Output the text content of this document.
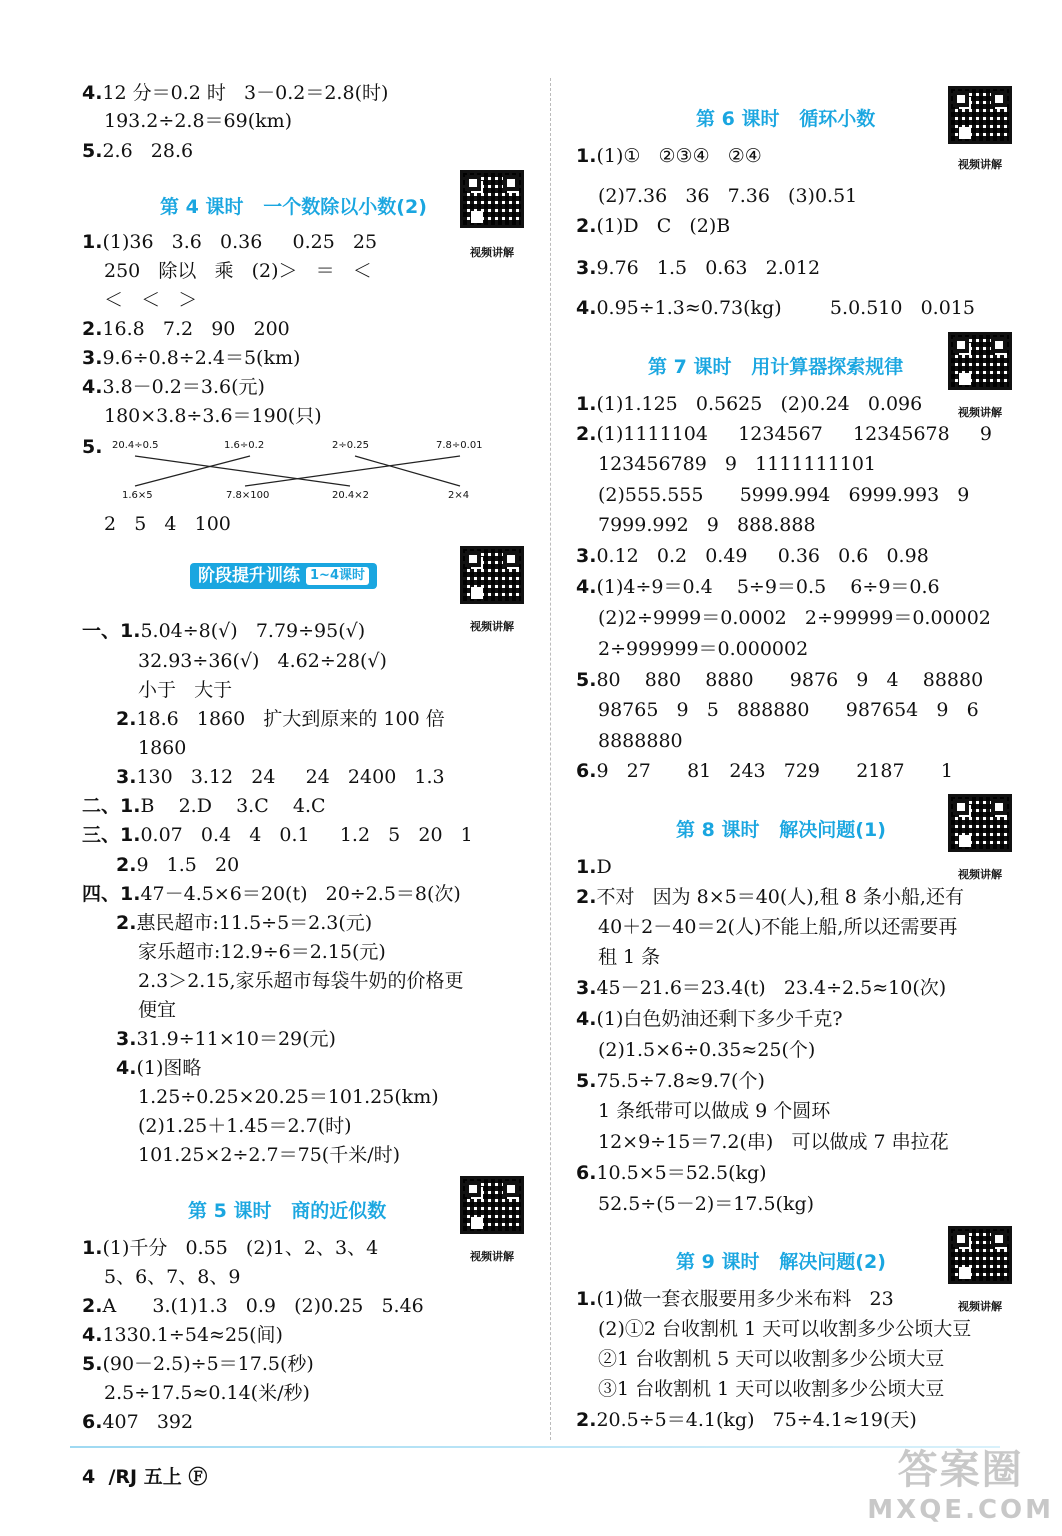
4.12 分＝0.2 时   3－0.2＝2.8(时)
193.2÷2.8＝69(km)
5.2.6   28.6
第 4 课时   一个数除以小数(2)
视频讲解
1.(1)36   3.6   0.36     0.25   25
250   除以   乘   (2)＞   ＝   ＜
＜   ＜   ＞
2.16.8   7.2   90   200
3.9.6÷0.8÷2.4＝5(km)
4.3.8－0.2＝3.6(元)
180×3.8÷3.6＝190(只)
5. 20.4÷0.5	1.6÷0.2	2÷0.25	7.8÷0.01
1.6×5	7.8×100	20.4×2	2×4
2   5   4   100
阶段提升训练 1~4课时
视频讲解
一、1.5.04÷8(√)   7.79÷95(√)
32.93÷36(√)   4.62÷28(√)
小于   大于
2.18.6   1860   扩大到原来的 100 倍
1860
3.130   3.12   24     24   2400   1.3
二、1.B    2.D    3.C    4.C
三、1.0.07   0.4   4   0.1     1.2   5   20   1
2.9   1.5   20
四、1.47－4.5×6＝20(t)   20÷2.5＝8(次)
2.惠民超市:11.5÷5＝2.3(元)
家乐超市:12.9÷6＝2.15(元)
2.3＞2.15,家乐超市每袋牛奶的价格更
便宜
3.31.9÷11×10＝29(元)
4.(1)图略
1.25÷0.25×20.25＝101.25(km)
(2)1.25＋1.45＝2.7(时)
101.25×2÷2.7＝75(千米/时)
第 5 课时   商的近似数
视频讲解
1.(1)千分   0.55   (2)1、2、3、4
5、6、7、8、9
2.A      3.(1)1.3   0.9   (2)0.25   5.46
4.1330.1÷54≈25(间)
5.(90－2.5)÷5＝17.5(秒)
2.5÷17.5≈0.14(米/秒)
6.407   392
第 6 课时   循环小数
视频讲解
1.(1)①   ②③④   ②④
(2)7.36   36   7.36   (3)0.51
2.(1)D   C   (2)B
3.9.76   1.5   0.63   2.012
4.0.95÷1.3≈0.73(kg)        5.0.510   0.015
第 7 课时   用计算器探索规律
视频讲解
1.(1)1.125   0.5625   (2)0.24   0.096
2.(1)1111104     1234567     12345678     9
123456789   9   1111111101
(2)555.555      5999.994   6999.993   9
7999.992   9   888.888
3.0.12   0.2   0.49     0.36   0.6   0.98
4.(1)4÷9＝0.4    5÷9＝0.5    6÷9＝0.6
(2)2÷9999＝0.0002   2÷99999＝0.00002
2÷999999＝0.000002
5.80    880    8880      9876   9   4    88880
98765   9   5   888880      987654   9   6
8888880
6.9   27      81   243   729      2187      1
第 8 课时   解决问题(1)
视频讲解
1.D
2.不对   因为 8×5＝40(人),租 8 条小船,还有
40＋2－40＝2(人)不能上船,所以还需要再
租 1 条
3.45－21.6＝23.4(t)   23.4÷2.5≈10(次)
4.(1)白色奶油还剩下多少千克?
(2)1.5×6÷0.35≈25(个)
5.75.5÷7.8≈9.7(个)
1 条纸带可以做成 9 个圆环
12×9÷15＝7.2(串)   可以做成 7 串拉花
6.10.5×5＝52.5(kg)
52.5÷(5－2)＝17.5(kg)
第 9 课时   解决问题(2)
视频讲解
1.(1)做一套衣服要用多少米布料   23
(2)①2 台收割机 1 天可以收割多少公顷大豆
②1 台收割机 5 天可以收割多少公顷大豆
③1 台收割机 1 天可以收割多少公顷大豆
2.20.5÷5＝4.1(kg)   75÷4.1≈19(天)
4  /RJ 五上 Ⓕ	答案圈
MXQE.COM
